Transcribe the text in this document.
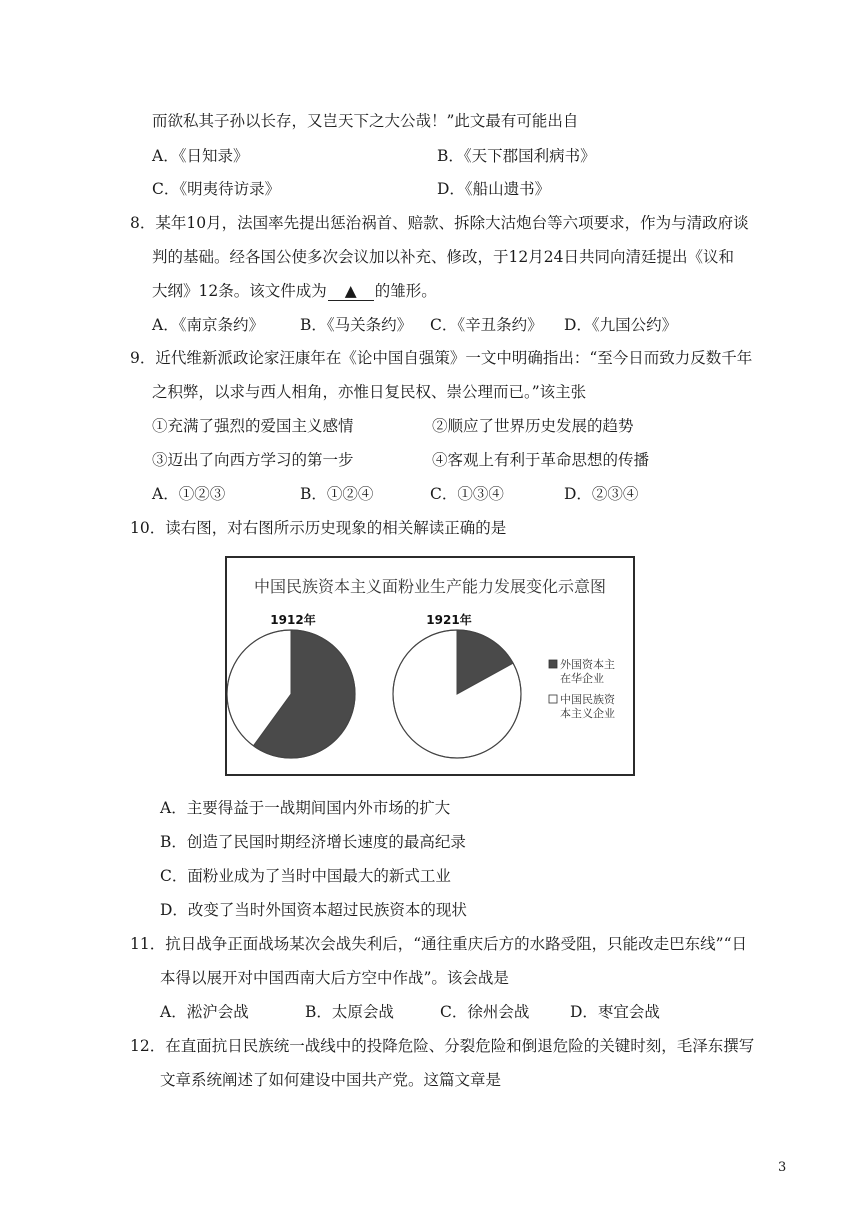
而欲私其子孙以长存，又岂天下之大公哉！”此文最有可能出自
A．《日知录》	B．《天下郡国利病书》
C．《明夷待访录》	D．《船山遗书》
8．某年10月，法国率先提出惩治祸首、赔款、拆除大沽炮台等六项要求，作为与清政府谈
判的基础。经各国公使多次会议加以补充、修改，于12月24日共同向清廷提出《议和
大纲》12条。该文件成为 ▲ 的雏形。
A．《南京条约》 B．《马关条约》 C．《辛丑条约》 D．《九国公约》
9．近代维新派政论家汪康年在《论中国自强策》一文中明确指出：“至今日而致力反数千年
之积弊，以求与西人相角，亦惟日复民权、崇公理而已。”该主张
①充满了强烈的爱国主义感情	②顺应了世界历史发展的趋势
③迈出了向西方学习的第一步	④客观上有利于革命思想的传播
A．①②③	B．①②④	C．①③④	D．②③④
10．读右图，对右图所示历史现象的相关解读正确的是
中国民族资本主义面粉业生产能力发展变化示意图
1912年	1921年
外国资本主
在华企业
中国民族资
本主义企业
A．主要得益于一战期间国内外市场的扩大
B．创造了民国时期经济增长速度的最高纪录
C．面粉业成为了当时中国最大的新式工业
D．改变了当时外国资本超过民族资本的现状
11．抗日战争正面战场某次会战失利后，“通往重庆后方的水路受阻，只能改走巴东线”“日
本得以展开对中国西南大后方空中作战”。该会战是
A．淞沪会战	B．太原会战	C．徐州会战	D．枣宜会战
12．在直面抗日民族统一战线中的投降危险、分裂危险和倒退危险的关键时刻，毛泽东撰写
文章系统阐述了如何建设中国共产党。这篇文章是
3
